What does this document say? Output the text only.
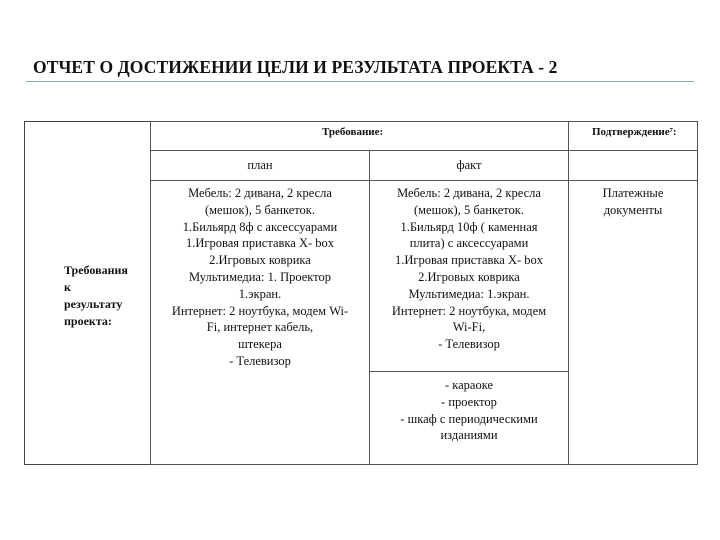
ОТЧЕТ О ДОСТИЖЕНИИ ЦЕЛИ И РЕЗУЛЬТАТА ПРОЕКТА - 2
Требование:	Подтверждение⁷:
план	факт
Требования
к
результату
проекта:
Мебель: 2 дивана, 2 кресла
(мешок), 5 банкеток.
1.Бильярд 8ф с аксессуарами
1.Игровая приставка X- box
2.Игровых коврика
Мультимедиа: 1. Проектор
1.экран.
Интернет: 2 ноутбука, модем Wi-
Fi, интернет кабель,
штекера
- Телевизор
Мебель: 2 дивана, 2 кресла
(мешок), 5 банкеток.
1.Бильярд 10ф ( каменная
плита) с аксессуарами
1.Игровая приставка X- box
2.Игровых коврика
Мультимедиа: 1.экран.
Интернет: 2 ноутбука, модем
Wi-Fi,
- Телевизор
- караоке
- проектор
- шкаф с периодическими
изданиями
Платежные
документы
